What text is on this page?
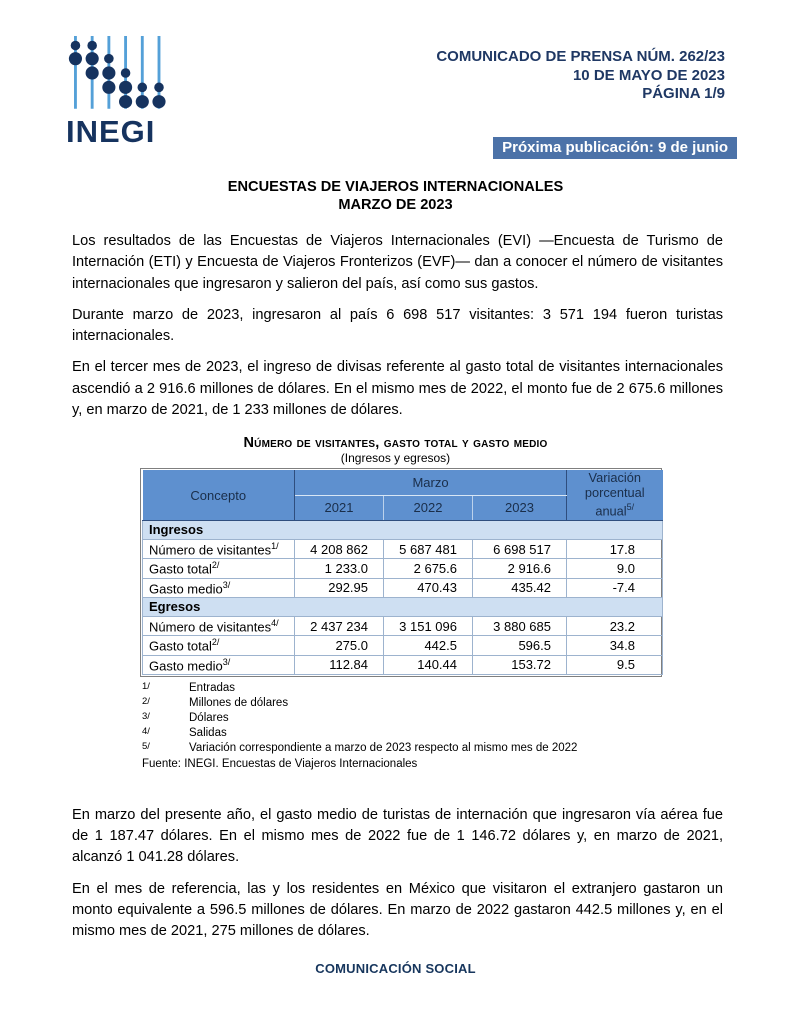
INEGI
COMUNICADO DE PRENSA NÚM. 262/23
10 DE MAYO DE 2023
PÁGINA 1/9
Próxima publicación: 9 de junio
ENCUESTAS DE VIAJEROS INTERNACIONALES
MARZO DE 2023

Los resultados de las Encuestas de Viajeros Internacionales (EVI) —Encuesta de Turismo de Internación (ETI) y Encuesta de Viajeros Fronterizos (EVF)— dan a conocer el número de visitantes internacionales que ingresaron y salieron del país, así como sus gastos.

Durante marzo de 2023, ingresaron al país 6 698 517 visitantes: 3 571 194 fueron turistas internacionales.

En el tercer mes de 2023, el ingreso de divisas referente al gasto total de visitantes internacionales ascendió a 2 916.6 millones de dólares. En el mismo mes de 2022, el monto fue de 2 675.6 millones y, en marzo de 2021, de 1 233 millones de dólares.

Número de visitantes, gasto total y gasto medio
(Ingresos y egresos)
Concepto	Marzo			Variación porcentual anual$^{5/}$
	2021	2022	2023	
Ingresos				
Número de visitantes$^{1/}$	4 208 862	5 687 481	6 698 517	17.8
Gasto total$^{2/}$	1 233.0	2 675.6	2 916.6	9.0
Gasto medio$^{3/}$	292.95	470.43	435.42	-7.4
Egresos				
Número de visitantes$^{4/}$	2 437 234	3 151 096	3 880 685	23.2
Gasto total$^{2/}$	275.0	442.5	596.5	34.8
Gasto medio$^{3/}$	112.84	140.44	153.72	9.5
1/	Entradas
2/	Millones de dólares
3/	Dólares
4/	Salidas
5/	Variación correspondiente a marzo de 2023 respecto al mismo mes de 2022
Fuente: INEGI. Encuestas de Viajeros Internacionales

En marzo del presente año, el gasto medio de turistas de internación que ingresaron vía aérea fue de 1 187.47 dólares. En el mismo mes de 2022 fue de 1 146.72 dólares y, en marzo de 2021, alcanzó 1 041.28 dólares.

En el mes de referencia, las y los residentes en México que visitaron el extranjero gastaron un monto equivalente a 596.5 millones de dólares. En marzo de 2022 gastaron 442.5 millones y, en el mismo mes de 2021, 275 millones de dólares.

COMUNICACIÓN SOCIAL
